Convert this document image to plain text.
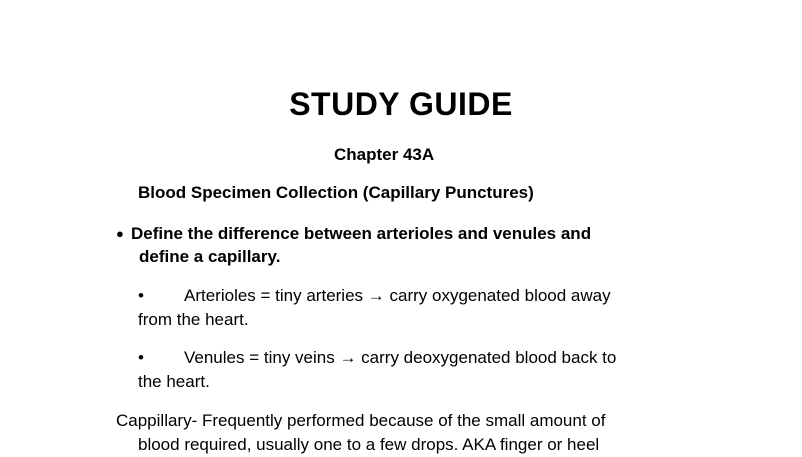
STUDY GUIDE
Chapter 43A
Blood Specimen Collection (Capillary Punctures)
● Define the difference between arterioles and venules and
define a capillary.
• Arterioles = tiny arteries → carry oxygenated blood away
from the heart.
• Venules = tiny veins → carry deoxygenated blood back to
the heart.
Cappillary- Frequently performed because of the small amount of
blood required, usually one to a few drops. AKA finger or heel
